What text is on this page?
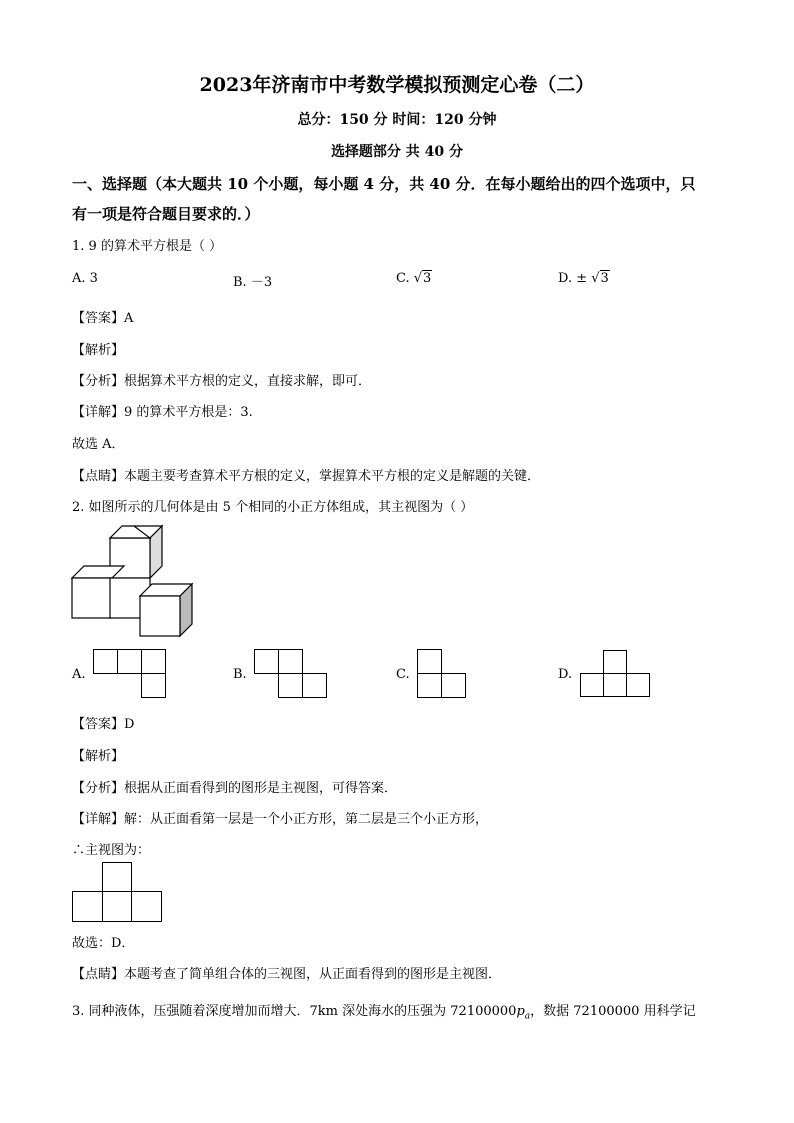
2023年济南市中考数学模拟预测定心卷（二）
总分：150 分 时间：120 分钟
选择题部分 共 40 分
一、选择题（本大题共 10 个小题，每小题 4 分，共 40 分．在每小题给出的四个选项中，只
有一项是符合题目要求的．）
1. 9 的算术平方根是（ ）
A. 3	B. －3	C. √3	D. ± √3
【答案】A
【解析】
【分析】根据算术平方根的定义，直接求解，即可．
【详解】9 的算术平方根是：3.
故选 A．
【点睛】本题主要考查算术平方根的定义，掌握算术平方根的定义是解题的关键．
2. 如图所示的几何体是由 5 个相同的小正方体组成，其主视图为（ ）
A.	B.	C.	D.
【答案】D
【解析】
【分析】根据从正面看得到的图形是主视图，可得答案．
【详解】解：从正面看第一层是一个小正方形，第二层是三个小正方形，
∴主视图为：
故选：D．
【点睛】本题考查了简单组合体的三视图，从正面看得到的图形是主视图．
3. 同种液体，压强随着深度增加而增大．7km 深处海水的压强为 $72100000p_a$，数据 72100000 用科学记
